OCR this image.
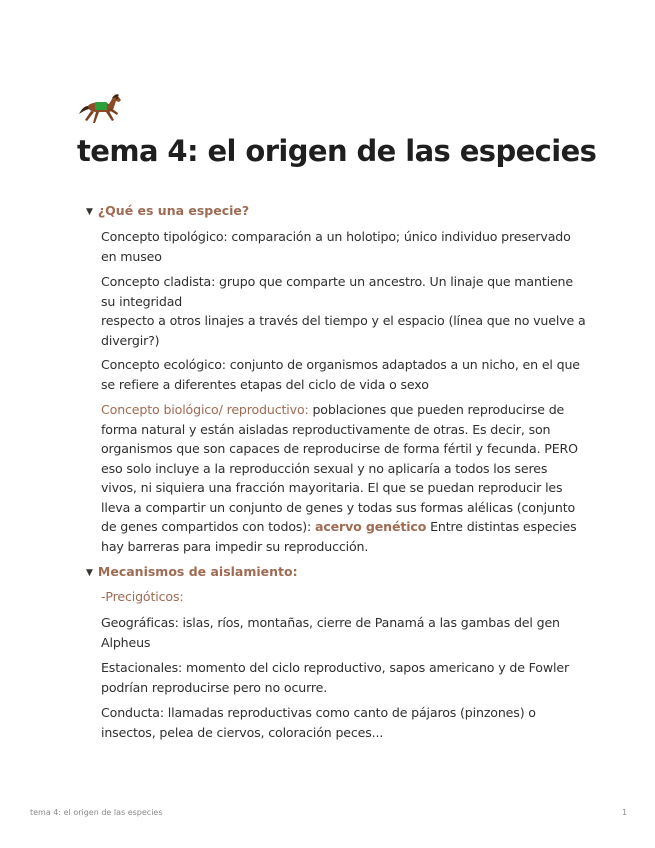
tema 4: el origen de las especies
▼ ¿Qué es una especie?

Concepto tipológico: comparación a un holotipo; único individuo preservado
en museo

Concepto cladista: grupo que comparte un ancestro. Un linaje que mantiene
su integridad
respecto a otros linajes a través del tiempo y el espacio (línea que no vuelve a
divergir?)

Concepto ecológico: conjunto de organismos adaptados a un nicho, en el que
se refiere a diferentes etapas del ciclo de vida o sexo

Concepto biológico/ reproductivo: poblaciones que pueden reproducirse de
forma natural y están aisladas reproductivamente de otras. Es decir, son
organismos que son capaces de reproducirse de forma fértil y fecunda. PERO
eso solo incluye a la reproducción sexual y no aplicaría a todos los seres
vivos, ni siquiera una fracción mayoritaria. El que se puedan reproducir les
lleva a compartir un conjunto de genes y todas sus formas alélicas (conjunto
de genes compartidos con todos): acervo genético Entre distintas especies
hay barreras para impedir su reproducción.

▼ Mecanismos de aislamiento:

-Precigóticos:

Geográficas: islas, ríos, montañas, cierre de Panamá a las gambas del gen
Alpheus

Estacionales: momento del ciclo reproductivo, sapos americano y de Fowler
podrían reproducirse pero no ocurre.

Conducta: llamadas reproductivas como canto de pájaros (pinzones) o
insectos, pelea de ciervos, coloración peces...

tema 4: el origen de las especies	1
